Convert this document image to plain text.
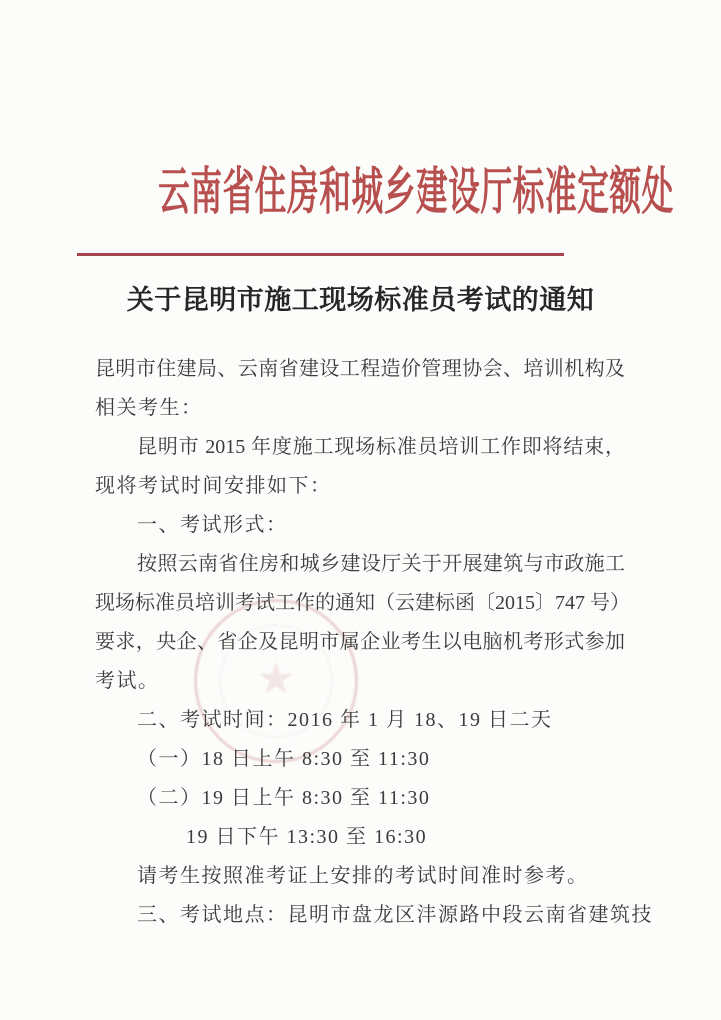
云南省住房和城乡建设厅标准定额处
关于昆明市施工现场标准员考试的通知
★
昆明市住建局、云南省建设工程造价管理协会、培训机构及
相关考生：
昆明市 2015 年度施工现场标准员培训工作即将结束，
现将考试时间安排如下：
一、考试形式：
按照云南省住房和城乡建设厅关于开展建筑与市政施工
现场标准员培训考试工作的通知（云建标函〔2015〕747 号）
要求，央企、省企及昆明市属企业考生以电脑机考形式参加
考试。
二、考试时间：2016 年 1 月 18、19 日二天
（一）18 日上午 8:30 至 11:30
（二）19 日上午 8:30 至 11:30
19 日下午 13:30 至 16:30
请考生按照准考证上安排的考试时间准时参考。
三、考试地点：昆明市盘龙区沣源路中段云南省建筑技
